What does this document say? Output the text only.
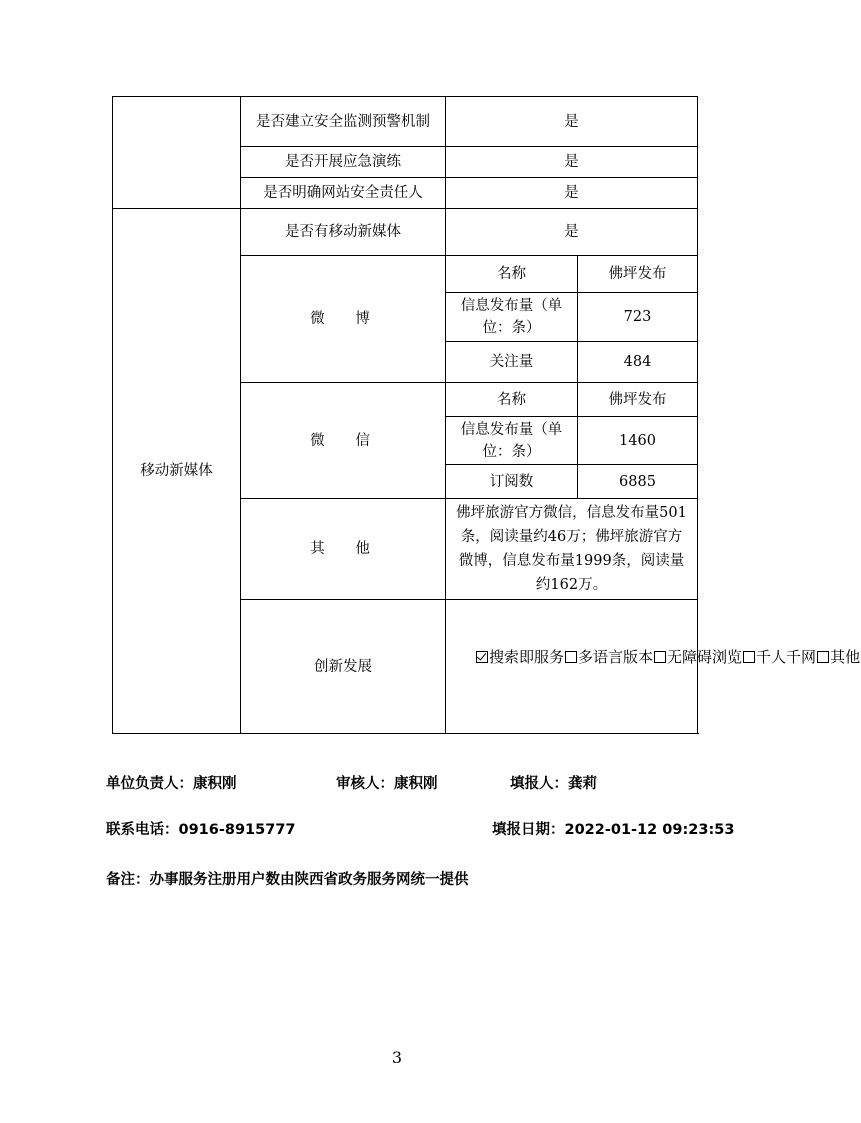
	是否建立安全监测预警机制	是	
	是否开展应急演练	是	
	是否明确网站安全责任人	是	
移动新媒体	是否有移动新媒体	是	
	微 博	名称	佛坪发布
		信息发布量（单位：条）	723
		关注量	484
	微 信	名称	佛坪发布
		信息发布量（单位：条）	1460
		订阅数	6885
	其 他	佛坪旅游官方微信，信息发布量501条，阅读量约46万；佛坪旅游官方微博，信息发布量1999条，阅读量约162万。	
	创新发展	搜索即服务 多语言版本 无障碍浏览 千人千网 其他	
单位负责人：康积刚	审核人：康积刚	填报人：龚莉
联系电话：0916-8915777	填报日期：2022-01-12 09:23:53
备注：办事服务注册用户数由陕西省政务服务网统一提供
3
